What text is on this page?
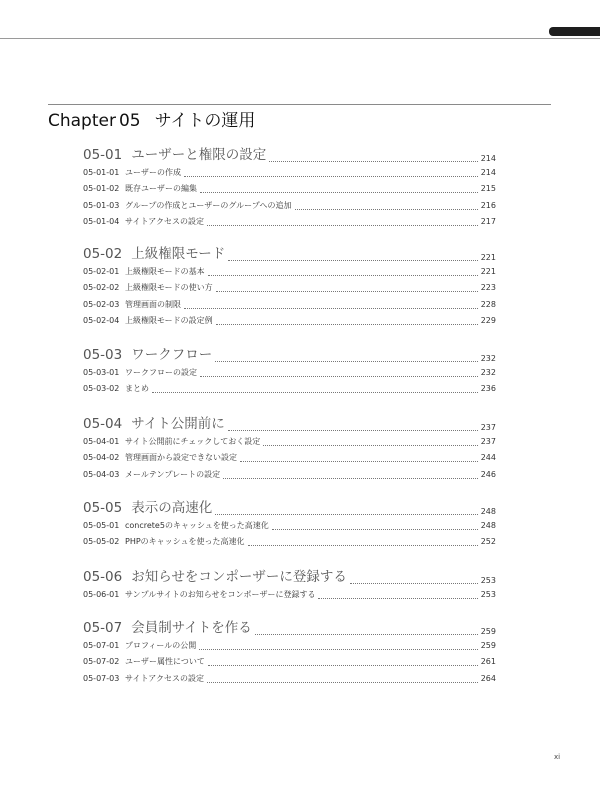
Chapter 05 サイトの運用
05-01 ユーザーと権限の設定	214
05-01-01 ユーザーの作成	214
05-01-02 既存ユーザーの編集	215
05-01-03 グループの作成とユーザーのグループへの追加	216
05-01-04 サイトアクセスの設定	217
05-02 上級権限モード	221
05-02-01 上級権限モードの基本	221
05-02-02 上級権限モードの使い方	223
05-02-03 管理画面の制限	228
05-02-04 上級権限モードの設定例	229
05-03 ワークフロー	232
05-03-01 ワークフローの設定	232
05-03-02 まとめ	236
05-04 サイト公開前に	237
05-04-01 サイト公開前にチェックしておく設定	237
05-04-02 管理画面から設定できない設定	244
05-04-03 メールテンプレートの設定	246
05-05 表示の高速化	248
05-05-01 concrete5のキャッシュを使った高速化	248
05-05-02 PHPのキャッシュを使った高速化	252
05-06 お知らせをコンポーザーに登録する	253
05-06-01 サンプルサイトのお知らせをコンポーザーに登録する	253
05-07 会員制サイトを作る	259
05-07-01 プロフィールの公開	259
05-07-02 ユーザー属性について	261
05-07-03 サイトアクセスの設定	264
xi
